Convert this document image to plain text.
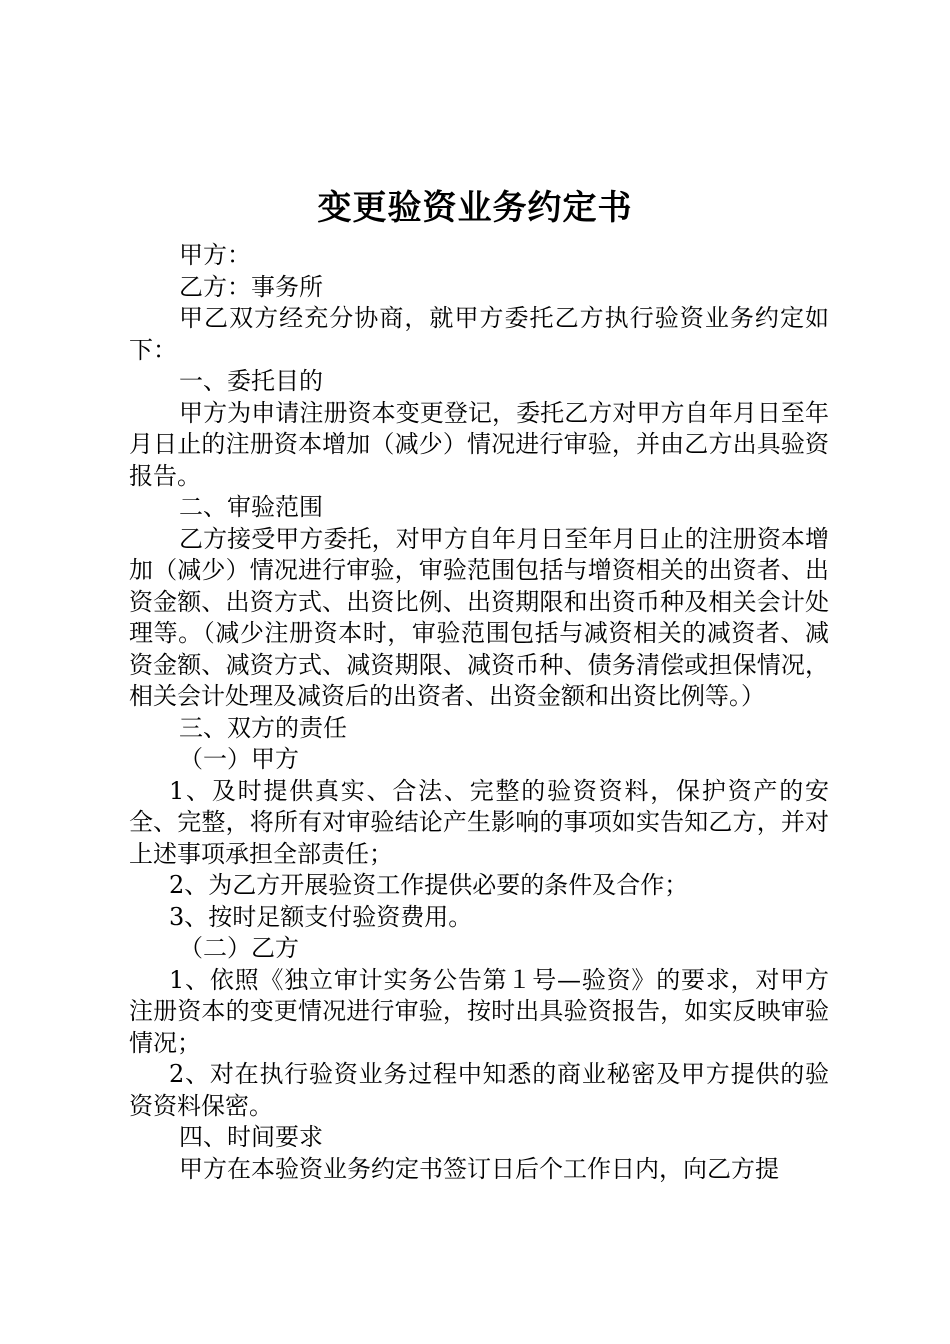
变更验资业务约定书

甲方：

乙方：事务所

甲乙双方经充分协商，就甲方委托乙方执行验资业务约定如下：

一、委托目的

甲方为申请注册资本变更登记，委托乙方对甲方自年月日至年月日止的注册资本增加（减少）情况进行审验，并由乙方出具验资报告。

二、审验范围

乙方接受甲方委托，对甲方自年月日至年月日止的注册资本增加（减少）情况进行审验，审验范围包括与增资相关的出资者、出资金额、出资方式、出资比例、出资期限和出资币种及相关会计处理等。（减少注册资本时，审验范围包括与减资相关的减资者、减资金额、减资方式、减资期限、减资币种、债务清偿或担保情况，相关会计处理及减资后的出资者、出资金额和出资比例等。）

三、双方的责任

（一）甲方

1、及时提供真实、合法、完整的验资资料，保护资产的安全、完整，将所有对审验结论产生影响的事项如实告知乙方，并对上述事项承担全部责任；

2、为乙方开展验资工作提供必要的条件及合作；

3、按时足额支付验资费用。

（二）乙方

1、依照《独立审计实务公告第１号—验资》的要求，对甲方注册资本的变更情况进行审验，按时出具验资报告，如实反映审验情况；

2、对在执行验资业务过程中知悉的商业秘密及甲方提供的验资资料保密。

四、时间要求

甲方在本验资业务约定书签订日后个工作日内，向乙方提
